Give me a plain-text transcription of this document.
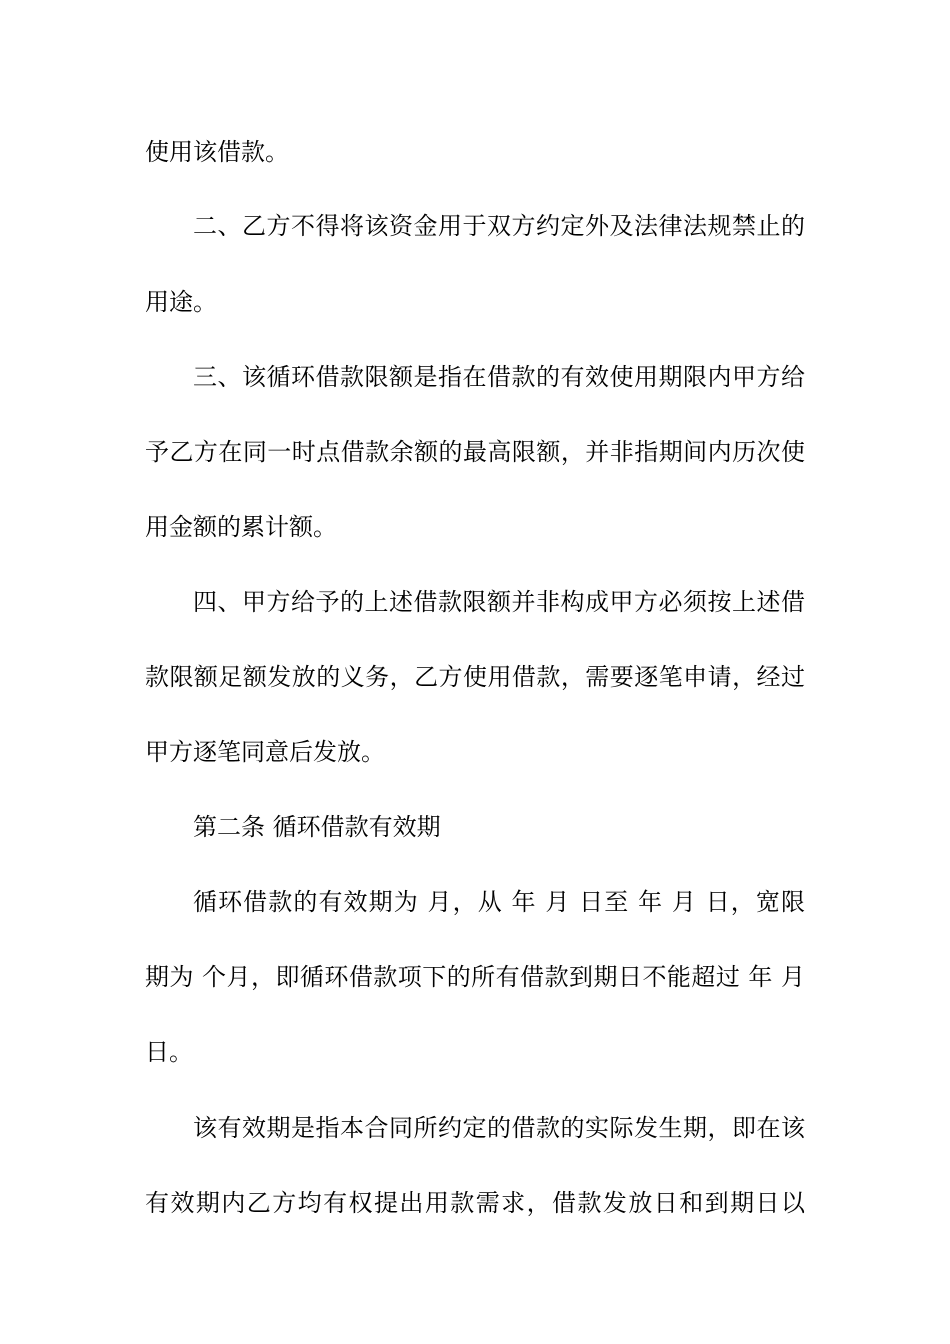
使用该借款。
二、乙方不得将该资金用于双方约定外及法律法规禁止的
用途。
三、该循环借款限额是指在借款的有效使用期限内甲方给
予乙方在同一时点借款余额的最高限额，并非指期间内历次使
用金额的累计额。
四、甲方给予的上述借款限额并非构成甲方必须按上述借
款限额足额发放的义务，乙方使用借款，需要逐笔申请，经过
甲方逐笔同意后发放。
第二条 循环借款有效期
循环借款的有效期为 月，从 年 月 日至 年 月 日，宽限
期为 个月，即循环借款项下的所有借款到期日不能超过 年 月
日。
该有效期是指本合同所约定的借款的实际发生期，即在该
有效期内乙方均有权提出用款需求，借款发放日和到期日以
